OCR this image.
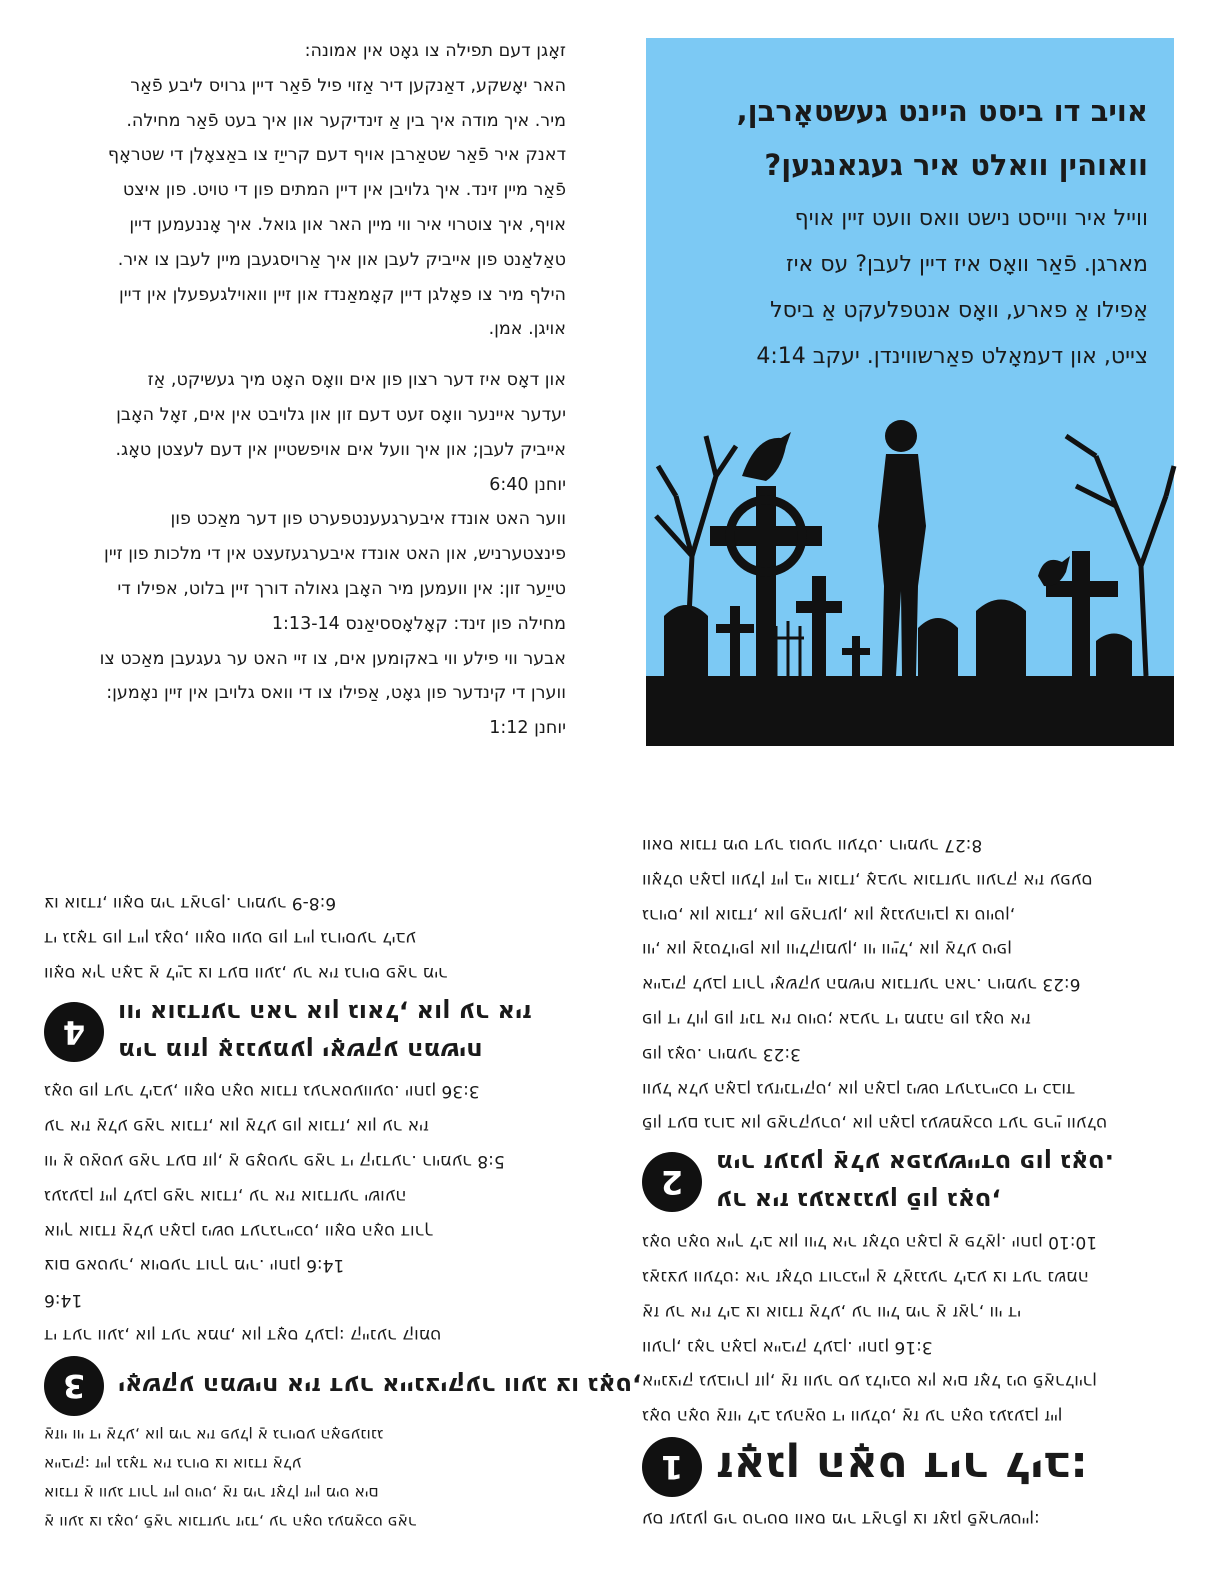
זאָגן דעם תפילה צו גאָט אין אמונה:
האר יאָשקע, דאַנקען דיר אַזוי פיל פֿאַר דיין גרויס ליבע פֿאַר
מיר. איך מודה איך בין אַ זינדיקער און איך בעט פֿאַר מחילה.
דאנק איר פֿאַר שטאַרבן אויף דעם קרייַז צו באַצאָלן די שטראָף
פֿאַר מיין זינד. איך גלויבן אין דיין המתים פון די טויט. פון איצט
אויף, איך צוטרוי איר ווי מיין האר און גואל. איך אָננעמען דיין
טאַלאַנט פון אייביק לעבן און איך אַרויסגעבן מיין לעבן צו איר.
הילף מיר צו פאָלגן דיין קאָמאַנדז און זיין וואוילגעפעלן אין דיין
אויגן. אמן.
און דאָס איז דער רצון פון אים וואָס האָט מיך געשיקט, אַז
יעדער איינער וואָס זעט דעם זון און גלויבט אין אים, זאָל האָבן
אייביק לעבן; און איך וועל אים אויפשטיין אין דעם לעצטן טאָג.
יוחנן 6:40
ווער האט אונדז איבערגעענטפערט פון דער מאַכט פון
פינצטערניש, און האט אונדז איבערגעזעצט אין די מלכות פון זיין
טייַער זון: אין וועמען מיר האָבן גאולה דורך זיין בלוט, אפילו די
מחילה פון זינד: קאָלאָססיאַנס 1:13-14
אבער ווי פילע ווי באקומען אים, צו זיי האט ער געגעבן מאַכט צו
ווערן די קינדער פון גאָט, אַפילו צו די וואס גלויבן אין זיין נאָמען:
יוחנן 1:12
אויב דו ביסט היינט געשטאָרבן,
וואוהין וואלט איר געגאנגען?
ווייל איר ווייסט נישט וואס וועט זיין אויף
מארגן. פֿאַר וואָס איז דיין לעבן? עס איז
אַפילו אַ פארע, וואָס אנטפלעקט אַ ביסל
צייט, און דעמאָלט פאַרשווינדן. יעקב 4:14
עס זענען פיר טריטס וואס מיר דאַרפֿן צו זאָגן פֿאַרשטיין:
1 זאָגן האָט דיר ליב:
גאָט האָט אַזוי ליב געהאַט די וועלט, אַז ער האָט געגעבן זיין
איינציק געבוירן זון, אַז ווער סע גלויבט אין אים זאָל ניט פֿאַרלוירן
ווערן, נאָר האָבן אייביק לעבן. יוחנן 3:16
אַז ער איז ליב צו אונדז אַלע, ער וויל מיר אַ זאַך, ווי די
גאַנצע וועלט: איר זאָלט דורכגיין אַ לאַנגער ליבע צו דער נשמה
גאָט האָט אייך ליב און וויל איר זאָלט האָבן אַ פּלאַן. יוחנן 10:10
2	ער איז געגאנגען פֿון גאָט,
מיר זענען אַלע אפגעשיידט פון גאָט.
פֿון דעם גרוב און פאַרקערט, און האָבן געשמאַכט דער פרייַ וועלט
וועל אלע האָבן געזינדיקט, און האָבן נישט דערגרייכט די כבוד
פון גאָט. רוימער 3:23
פון די לוין פון זינד איז טויט; אבער די מתנה פון גאָט איז
אייביק לעבן דורך יאָשקע המשיח אונדזער האר. רוימער 6:23
ווי, און אַנטלויפן און ווילקומען, ווי ווייַל, און אַלע טיפן
גרויס, און אונדז, און פאַרזען, און אָנגעהויבן צו טויטן,
וואָלט האָבן וועלן זיין ביי אונדז, אָבער אונדזער ווערק איז עפעס
וואס אונדז מיט דער גוטער וועלט. רוימער 8:27
אַ וועג צו גאָט, פֿאַר אונדזער זינד, ער האָט געמאַכט פאַר
אונדז אַ וועג דורך זיין טויט, אַז מיר זאָלן זיין מיט אים
אייביק: זיין גנאָד איז גרויס צו אונדז אַלע
אַזוי ווי די אַלע, און מיר איז פעלן אַ גרויסע האָפענונג
3	יאָשקע המשיח איז דער איינציקער וועג צו גאָט,
די דער וועג, און דער אמת, און דאָס לעבן: קיינער קומט
14:6
צום פאטער, אויסער דורך מיר. יוחנן 14:6
אויך אונדז אַלע האָבן נישט דערגרייכט, וואָס האָט דורך
געגעבן זיין לעבן פאַר אונדז, ער איז אונדזער ישועה
ווי אַ טאַטע פאַר דעם זון, אַ פאָטער פאַר די קינדער. רוימער 5:8
ער איז אַלע פאַר אונדז, און אַלע פון אונדז, און ער איז
גאָט פון דער ליבע, וואָס האָט אונדז געראטעוועט. יוחנן 3:36
4	מיר מוזן אָננעמען יאָשקע המשיח
ווי אונדזער האר און גואל, און ער איז
וואָס איך האָב אַ לייַב צו דעם וועג, ער איז גרויס פאַר מיר
די גנאָד פון דיין גאָט, וואָס וועט פון דיין גרויסער ליבע
צו אונדז, וואָס מיר דאַרפן. רוימער 6:8-9
